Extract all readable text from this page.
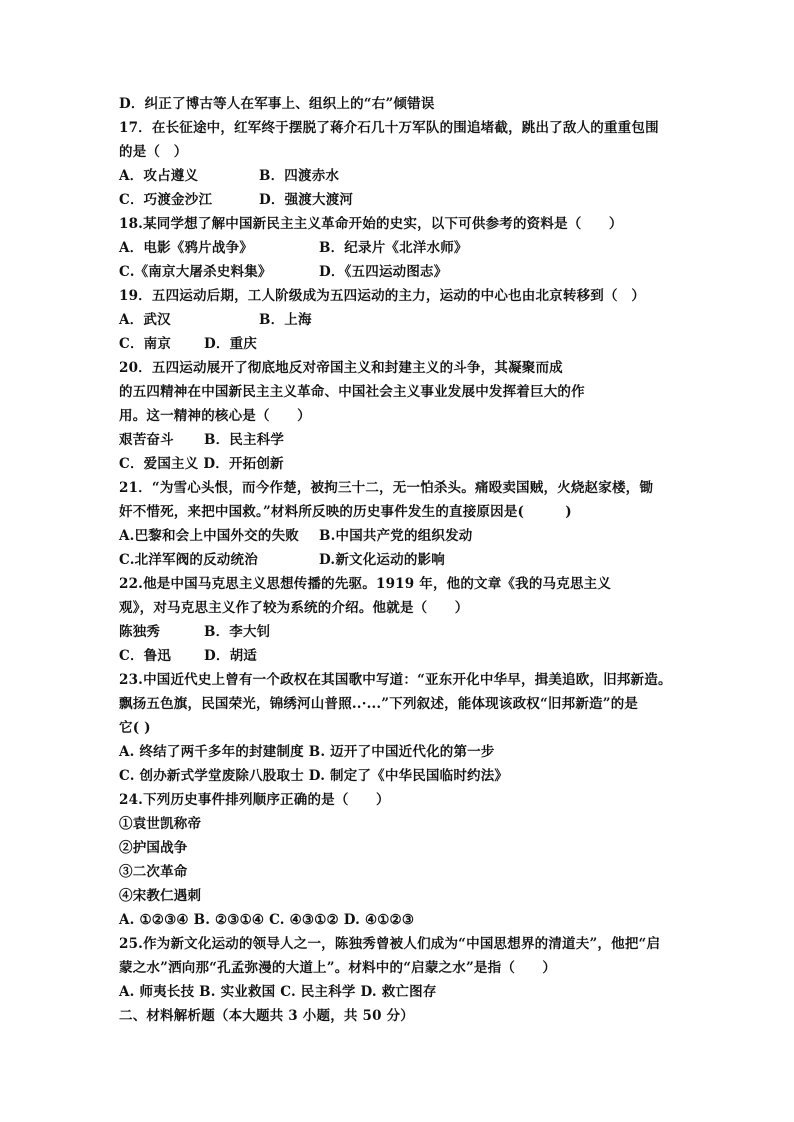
D．纠正了博古等人在军事上、组织上的“右”倾错误
17．在长征途中，红军终于摆脱了蒋介石几十万军队的围追堵截，跳出了敌人的重重包围
的是（　）
A．攻占遵义	B．四渡赤水
C．巧渡金沙江	D．强渡大渡河
18.某同学想了解中国新民主主义革命开始的史实，以下可供参考的资料是（　　）
A．电影《鸦片战争》	B．纪录片《北洋水师》
C.《南京大屠杀史料集》	D．《五四运动图志》
19．五四运动后期，工人阶级成为五四运动的主力，运动的中心也由北京转移到（　）
A．武汉	B．上海
C．南京 D．重庆
20．五四运动展开了彻底地反对帝国主义和封建主义的斗争，其凝聚而成
的五四精神在中国新民主主义革命、中国社会主义事业发展中发挥着巨大的作
用。这一精神的核心是（　　）
艰苦奋斗 B．民主科学
C．爱国主义 D．开拓创新
21．“为雪心头恨，而今作楚，被拘三十二，无一怕杀头。痛殴卖国贼，火烧赵家楼，锄
奸不惜死，来把中国救。”材料所反映的历史事件发生的直接原因是(　　　)
A.巴黎和会上中国外交的失败 B.中国共产党的组织发动
C.北洋军阀的反动统治	D.新文化运动的影响
22.他是中国马克思主义思想传播的先驱。1919 年，他的文章《我的马克思主义
观》，对马克思主义作了较为系统的介绍。他就是（　　）
陈独秀	B．李大钊
C．鲁迅 D．胡适
23.中国近代史上曾有一个政权在其国歌中写道：“亚东开化中华早，揖美追欧，旧邦新造。
飘扬五色旗，民国荣光，锦绣河山普照..·...”下列叙述，能体现该政权“旧邦新造”的是
它( )
A. 终结了两千多年的封建制度 B. 迈开了中国近代化的第一步
C. 创办新式学堂废除八股取士 D. 制定了《中华民国临时约法》
24.下列历史事件排列顺序正确的是（　　）
①袁世凯称帝
②护国战争
③二次革命
④宋教仁遇刺
A. ①②③④ B. ②③①④ C. ④③①② D. ④①②③
25.作为新文化运动的领导人之一，陈独秀曾被人们成为“中国思想界的清道夫”，他把“启
蒙之水”洒向那“孔孟弥漫的大道上”。材料中的“启蒙之水”是指（　　）
A. 师夷长技 B. 实业救国 C. 民主科学 D. 救亡图存
二、材料解析题（本大题共 3 小题，共 50 分）
